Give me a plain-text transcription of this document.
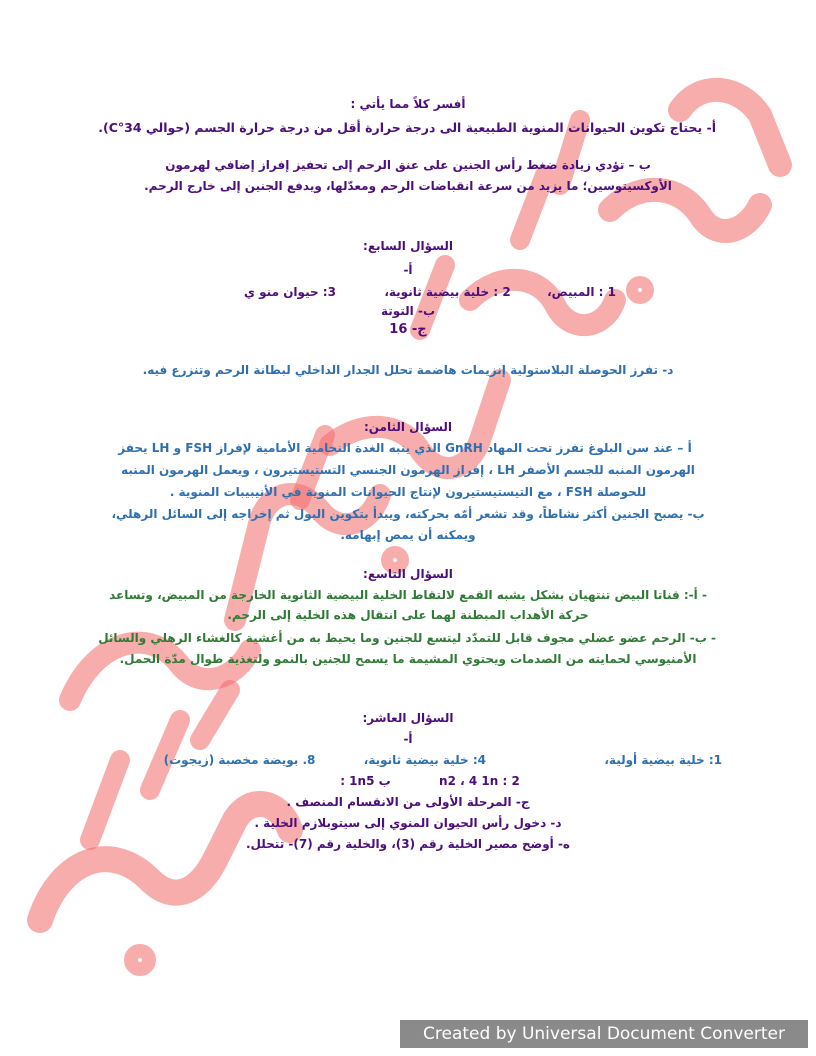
أفسر كلاً مما يأتي :
أ- يحتاج تكوين الحيوانات المنوية الطبيعية الى درجة حرارة أقل من درجة حرارة الجسم (حوالي C°34).
ب – تؤدي زيادة ضغط رأس الجنين على عنق الرحم إلى تحفيز إفراز إضافي لهرمون
الأوكسيتوسين؛ ما يزيد من سرعة انقباضات الرحم ومعدّلها، ويدفع الجنين إلى خارج الرحم.
السؤال السابع:
أ-
1 : المبيض،  2 : خلية بيضية ثانوية،  3: حيوان منو ي
ب- التوتة
ج- 16
د- تفرز الحوصلة البلاستولية إنزيمات هاضمة تحلل الجدار الداخلي لبطانة الرحم وتنزرع فيه.
السؤال الثامن:
أ – عند سن البلوغ تفرز تحت المهاد GnRH الذي ينبه الغدة النخامية الأمامية لإفراز FSH و LH يحفز
الهرمون المنبه للجسم الأصفر LH ، إفراز الهرمون الجنسي التستيستيرون ، ويعمل الهرمون المنبه
للحوصلة FSH ، مع التيستيستيرون لإنتاج الحيوانات المنوية في الأنيبيبات المنوية .
ب- يصبح الجنين أكثر نشاطاً، وقد تشعر أمّه بحركته، ويبدأ بتكوين البول ثم إخراجه إلى السائل الرهلي،
ويمكنه أن يمص إبهامه.
السؤال التاسع:
- أ-: قناتا البيض تنتهيان بشكل يشبه القمع لالتقاط الخلية البيضية الثانوية الخارجة من المبيض، وتساعد
حركة الأهداب المبطنة لهما على انتقال هذه الخلية إلى الرحم.
- ب- الرحم عضو عضلي مجوف قابل للتمدّد ليتسع للجنين وما يحيط به من أغشية كالغشاء الرهلي والسائل
الأمنيوسي لحمايته من الصدمات ويحتوي المشيمة ما يسمح للجنين بالنمو ولتغذية طوال مدّة الحمل.
السؤال العاشر:
أ-
1: خلية بيضية أولية،  4: خلية بيضية ثانوية،  8. بويضة مخصبة (زيجوت)
2 : n2 ، 4 1n  ب 1n5 :
ج- المرحلة الأولى من الانقسام المنصف .
د- دخول رأس الحيوان المنوي إلى سيتوبلازم الخلية .
ه- أوضح مصير الخلية رقم (3)، والخلية رقم (7)- تتحلل.
Created by Universal Document Converter
